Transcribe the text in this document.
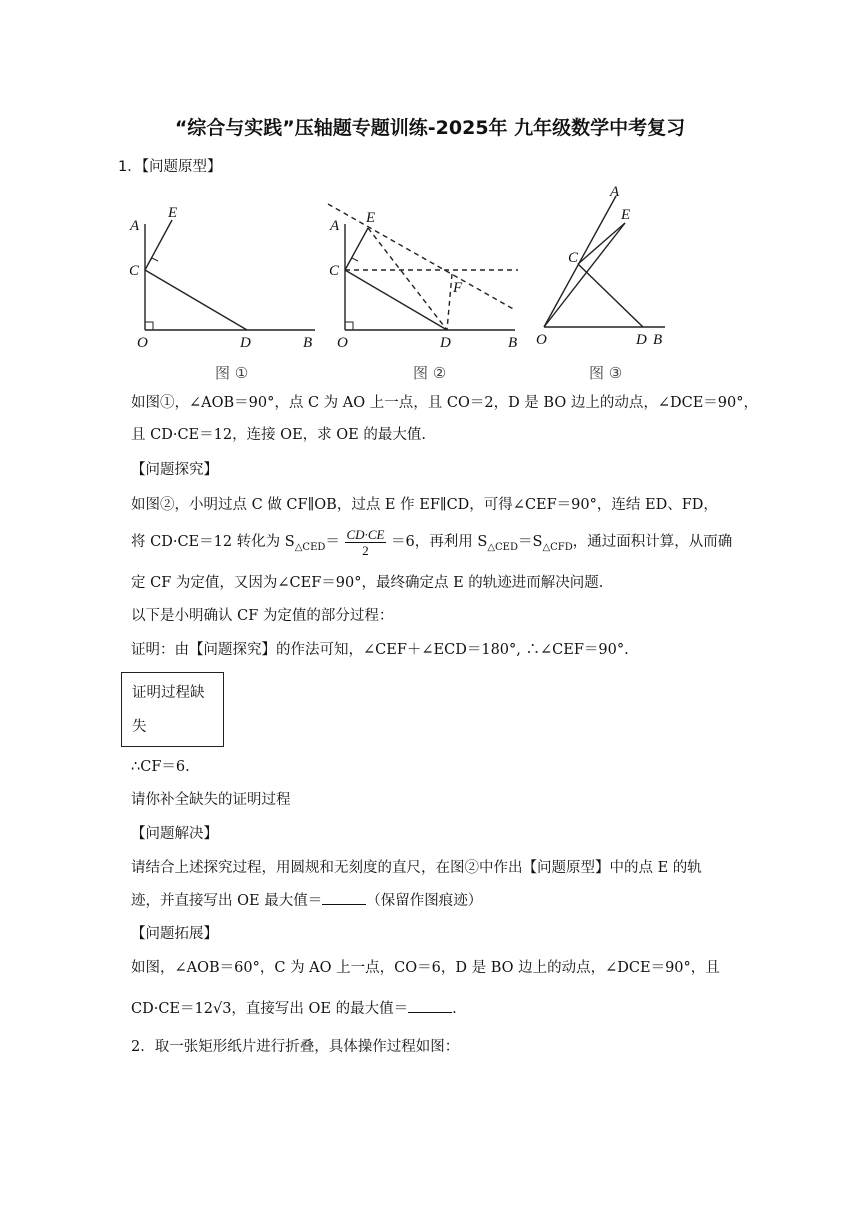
“综合与实践”压轴题专题训练-2025年 九年级数学中考复习
1．【问题原型】
A
E
C
O	D	B
A E
C
F
O	D	B
A
E
C
O	D B
图 ①	图 ②	图 ③
如图①，∠AOB＝90°，点 C 为 AO 上一点，且 CO＝2，D 是 BO 边上的动点，∠DCE＝90°，
且 CD·CE＝12，连接 OE，求 OE 的最大值.
【问题探究】
如图②，小明过点 C 做 CF∥OB，过点 E 作 EF∥CD，可得∠CEF＝90°，连结 ED、FD，
将 CD·CE＝12 转化为 $S_{\triangle CED}= \frac{CD\cdot CE}{2} =6$，再利用 $S_{\triangle CED}=S_{\triangle CFD}$，通过面积计算，从而确
定 CF 为定值，又因为∠CEF＝90°，最终确定点 E 的轨迹进而解决问题.
以下是小明确认 CF 为定值的部分过程：
证明：由【问题探究】的作法可知，∠CEF＋∠ECD＝180°, ∴∠CEF＝90°.
证明过程缺
失
∴CF＝6.
请你补全缺失的证明过程
【问题解决】
请结合上述探究过程，用圆规和无刻度的直尺，在图②中作出【问题原型】中的点 E 的轨
迹，并直接写出 OE 最大值＝	（保留作图痕迹）
【问题拓展】
如图，∠AOB＝60°，C 为 AO 上一点，CO＝6，D 是 BO 边上的动点，∠DCE＝90°，且
CD·CE＝12√3，直接写出 OE 的最大值＝	.
2．取一张矩形纸片进行折叠，具体操作过程如图：
